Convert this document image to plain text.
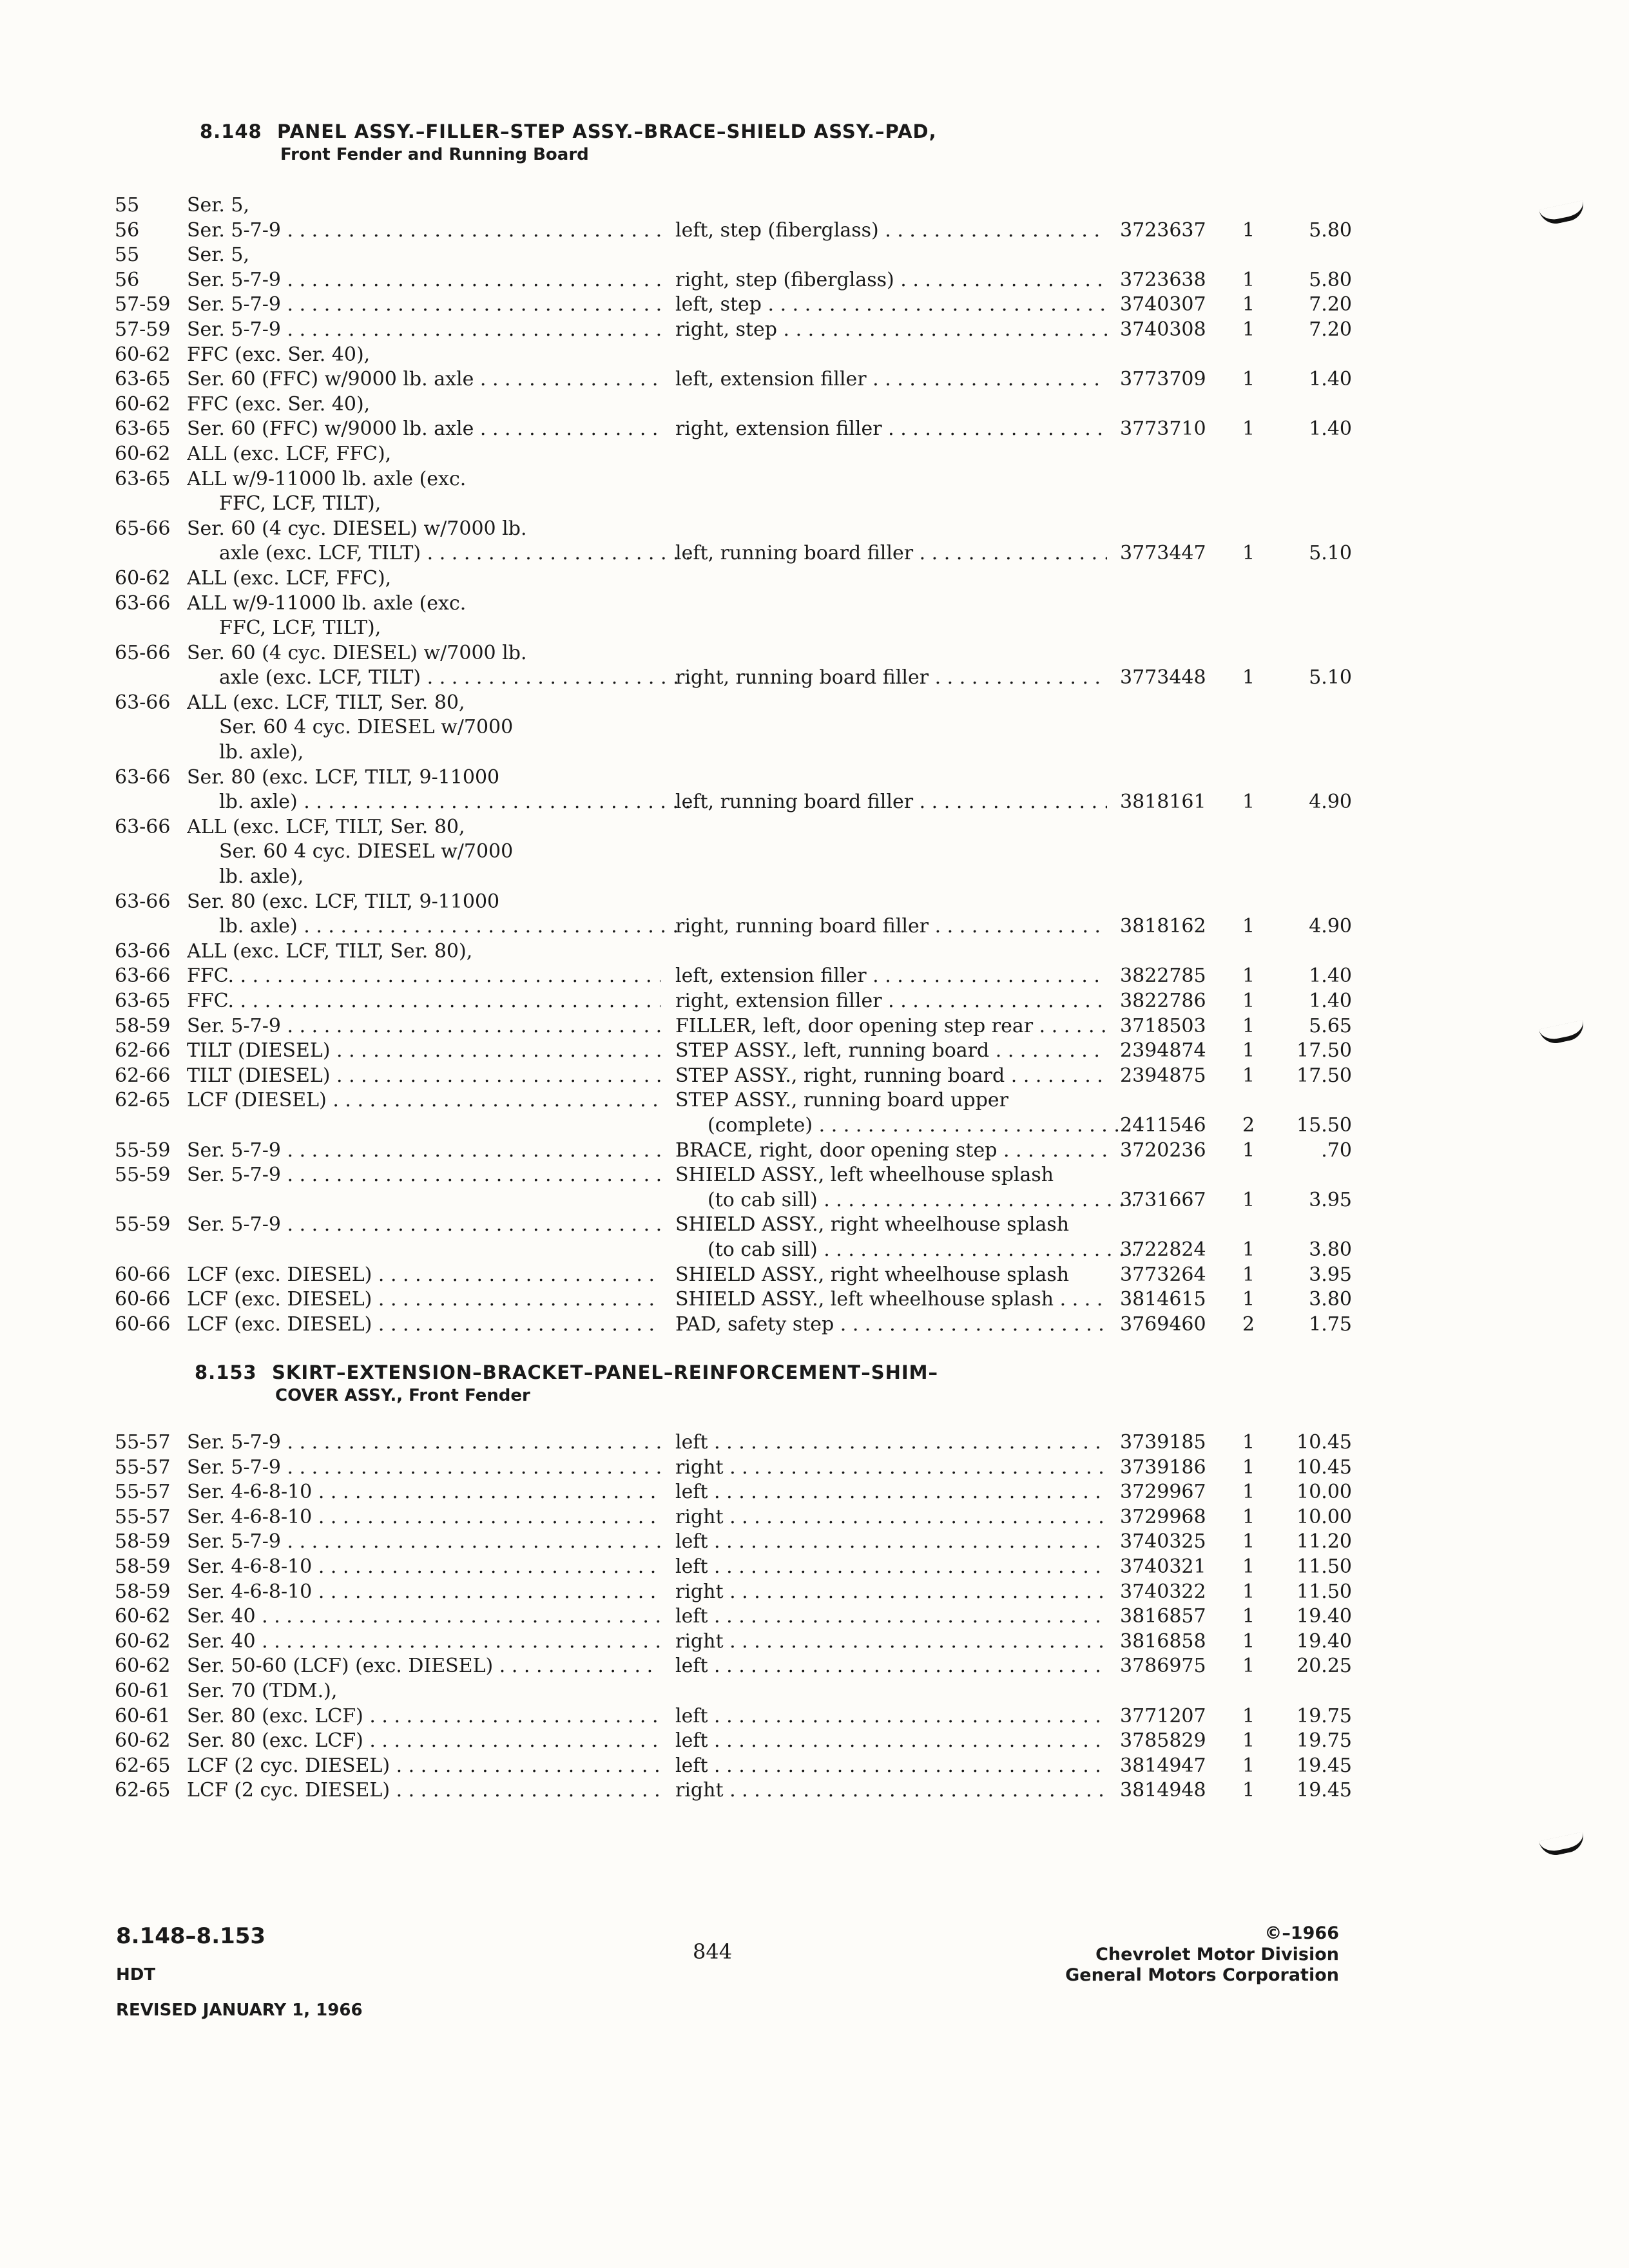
8.148 PANEL ASSY.–FILLER–STEP ASSY.–BRACE–SHIELD ASSY.–PAD,
Front Fender and Running Board
55	Ser. 5,
56	Ser. 5-7-9 . . .	left, step (fiberglass) . . .	3723637	1	5.80
55	Ser. 5,
56	Ser. 5-7-9 . . .	right, step (fiberglass) . . .	3723638	1	5.80
57-59 Ser. 5-7-9 . . .	left, step . . .	3740307	1	7.20
57-59 Ser. 5-7-9 . . .	right, step . . .	3740308	1	7.20
60-62 FFC (exc. Ser. 40),
63-65 Ser. 60 (FFC) w/9000 lb. axle . . .	left, extension filler . . .	3773709	1	1.40
60-62 FFC (exc. Ser. 40),
63-65 Ser. 60 (FFC) w/9000 lb. axle . . .	right, extension filler . . .	3773710	1	1.40
60-62 ALL (exc. LCF, FFC),
63-65 ALL w/9-11000 lb. axle (exc.
FFC, LCF, TILT),
65-66 Ser. 60 (4 cyc. DIESEL) w/7000 lb.
axle (exc. LCF, TILT) . . .	left, running board filler . . .	3773447	1	5.10
60-62 ALL (exc. LCF, FFC),
63-66 ALL w/9-11000 lb. axle (exc.
FFC, LCF, TILT),
65-66 Ser. 60 (4 cyc. DIESEL) w/7000 lb.
axle (exc. LCF, TILT) . . .	right, running board filler . . .	3773448	1	5.10
63-66 ALL (exc. LCF, TILT, Ser. 80,
Ser. 60 4 cyc. DIESEL w/7000
lb. axle),
63-66 Ser. 80 (exc. LCF, TILT, 9-11000
lb. axle) . . .	left, running board filler . . .	3818161	1	4.90
63-66 ALL (exc. LCF, TILT, Ser. 80,
Ser. 60 4 cyc. DIESEL w/7000
lb. axle),
63-66 Ser. 80 (exc. LCF, TILT, 9-11000
lb. axle) . . .	right, running board filler . . .	3818162	1	4.90
63-66 ALL (exc. LCF, TILT, Ser. 80),
63-66 FFC. . . .	left, extension filler . . .	3822785	1	1.40
63-65 FFC. . . .	right, extension filler . . .	3822786	1	1.40
58-59 Ser. 5-7-9 . . .	FILLER, left, door opening step rear . . .	3718503	1	5.65
62-66 TILT (DIESEL) . . .	STEP ASSY., left, running board . . .	2394874	1	17.50
62-66 TILT (DIESEL) . . .	STEP ASSY., right, running board . . .	2394875	1	17.50
62-65 LCF (DIESEL) . . .	STEP ASSY., running board upper
(complete) . . .	2411546	2	15.50
55-59 Ser. 5-7-9 . . .	BRACE, right, door opening step . . .	3720236	1	.70
55-59 Ser. 5-7-9 . . .	SHIELD ASSY., left wheelhouse splash
(to cab sill) . . .	3731667	1	3.95
55-59 Ser. 5-7-9 . . .	SHIELD ASSY., right wheelhouse splash
(to cab sill) . . .	3722824	1	3.80
60-66 LCF (exc. DIESEL) . . .	SHIELD ASSY., right wheelhouse splash	3773264	1	3.95
60-66 LCF (exc. DIESEL) . . .	SHIELD ASSY., left wheelhouse splash . . .	3814615	1	3.80
60-66 LCF (exc. DIESEL) . . .	PAD, safety step . . .	3769460	2	1.75
8.153 SKIRT–EXTENSION–BRACKET–PANEL–REINFORCEMENT–SHIM–
COVER ASSY., Front Fender
55-57 Ser. 5-7-9 . . .	left . . .	3739185	1	10.45
55-57 Ser. 5-7-9 . . .	right . . .	3739186	1	10.45
55-57 Ser. 4-6-8-10 . . .	left . . .	3729967	1	10.00
55-57 Ser. 4-6-8-10 . . .	right . . .	3729968	1	10.00
58-59 Ser. 5-7-9 . . .	left . . .	3740325	1	11.20
58-59 Ser. 4-6-8-10 . . .	left . . .	3740321	1	11.50
58-59 Ser. 4-6-8-10 . . .	right . . .	3740322	1	11.50
60-62 Ser. 40 . . .	left . . .	3816857	1	19.40
60-62 Ser. 40 . . .	right . . .	3816858	1	19.40
60-62 Ser. 50-60 (LCF) (exc. DIESEL) . . .	left . . .	3786975	1	20.25
60-61 Ser. 70 (TDM.),
60-61 Ser. 80 (exc. LCF) . . .	left . . .	3771207	1	19.75
60-62 Ser. 80 (exc. LCF) . . .	left . . .	3785829	1	19.75
62-65 LCF (2 cyc. DIESEL) . . .	left . . .	3814947	1	19.45
62-65 LCF (2 cyc. DIESEL) . . .	right . . .	3814948	1	19.45
8.148–8.153
HDT
REVISED JANUARY 1, 1966
844
©–1966
Chevrolet Motor Division
General Motors Corporation
